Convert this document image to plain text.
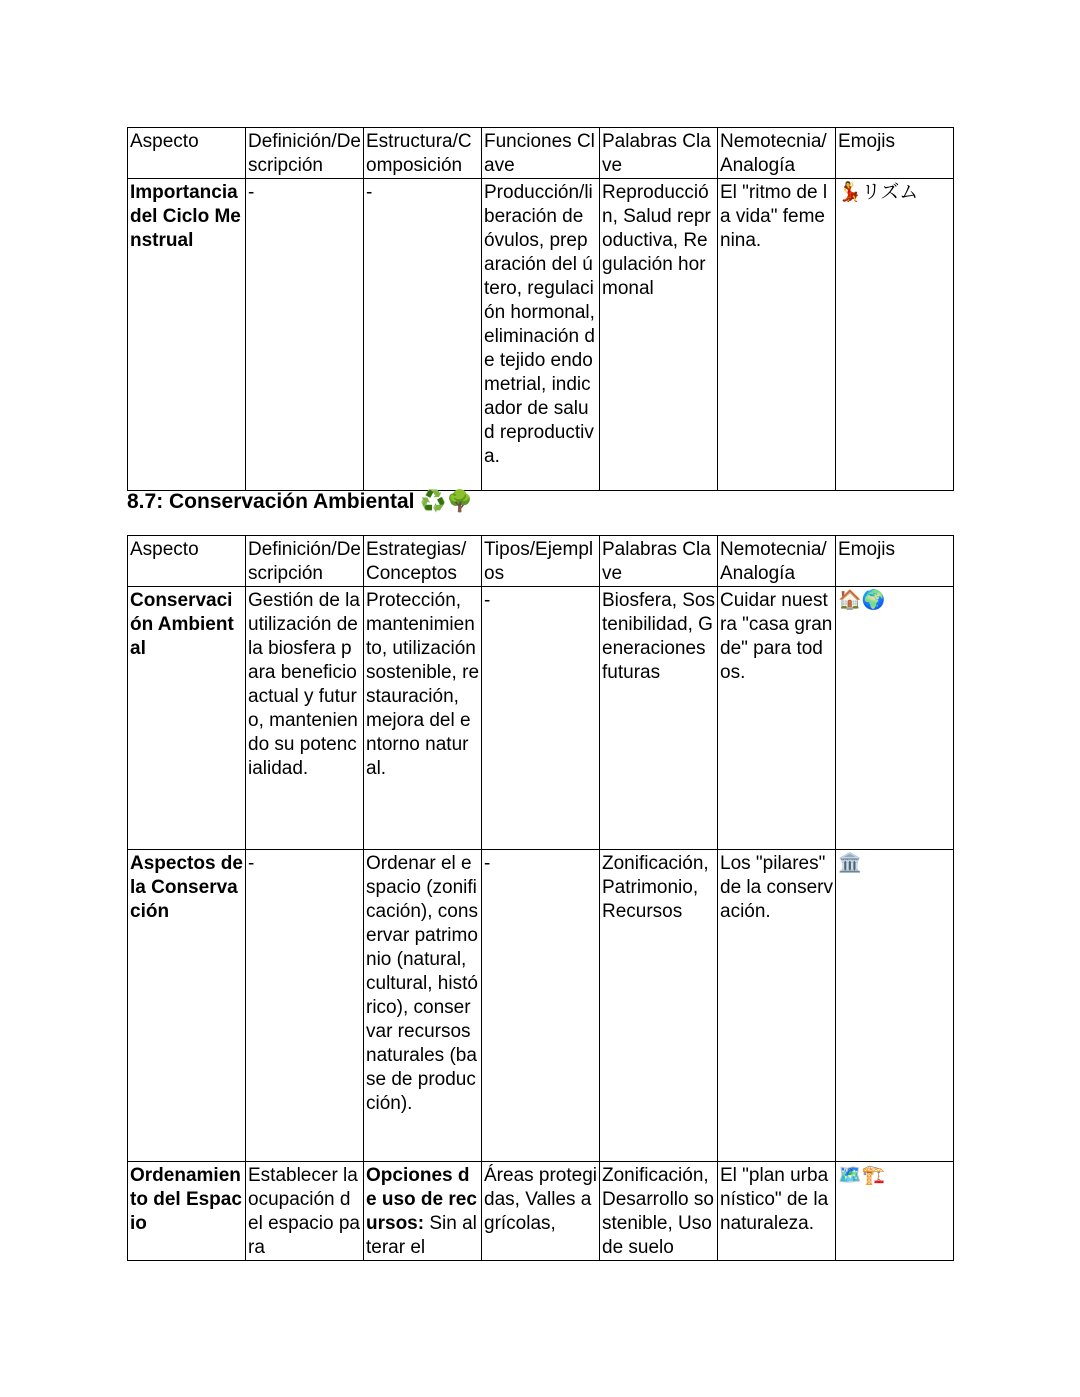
Aspecto	Definición/Descripción	Estructura/Composición	Funciones Clave	Palabras Clave	Nemotecnia/Analogía	Emojis
Importancia del Ciclo Menstrual	-	-	Producción/liberación de óvulos, preparación del útero, regulación hormonal, eliminación de tejido endometrial, indicador de salud reproductiva.	Reproducción, Salud reproductiva, Regulación hormonal	El "ritmo de la vida" femenina.	💃リズム
8.7: Conservación Ambiental ♻️🌳
Aspecto	Definición/Descripción	Estrategias/Conceptos	Tipos/Ejemplos	Palabras Clave	Nemotecnia/Analogía	Emojis
Conservación Ambiental	Gestión de la utilización de la biosfera para beneficio actual y futuro, manteniendo su potencialidad.	Protección, mantenimiento, utilización sostenible, restauración, mejora del entorno natural.	-	Biosfera, Sostenibilidad, Generaciones futuras	Cuidar nuestra "casa grande" para todos.	🏠🌍
Aspectos de la Conservación	-	Ordenar el espacio (zonificación), conservar patrimonio (natural, cultural, histórico), conservar recursos naturales (base de producción).	-	Zonificación, Patrimonio, Recursos	Los "pilares" de la conservación.	🏛️
Ordenamiento del Espacio	Establecer la ocupación del espacio para	Opciones de uso de recursos: Sin alterar el	Áreas protegidas, Valles agrícolas,	Zonificación, Desarrollo sostenible, Uso de suelo	El "plan urbanístico" de la naturaleza.	🗺️🏗️
